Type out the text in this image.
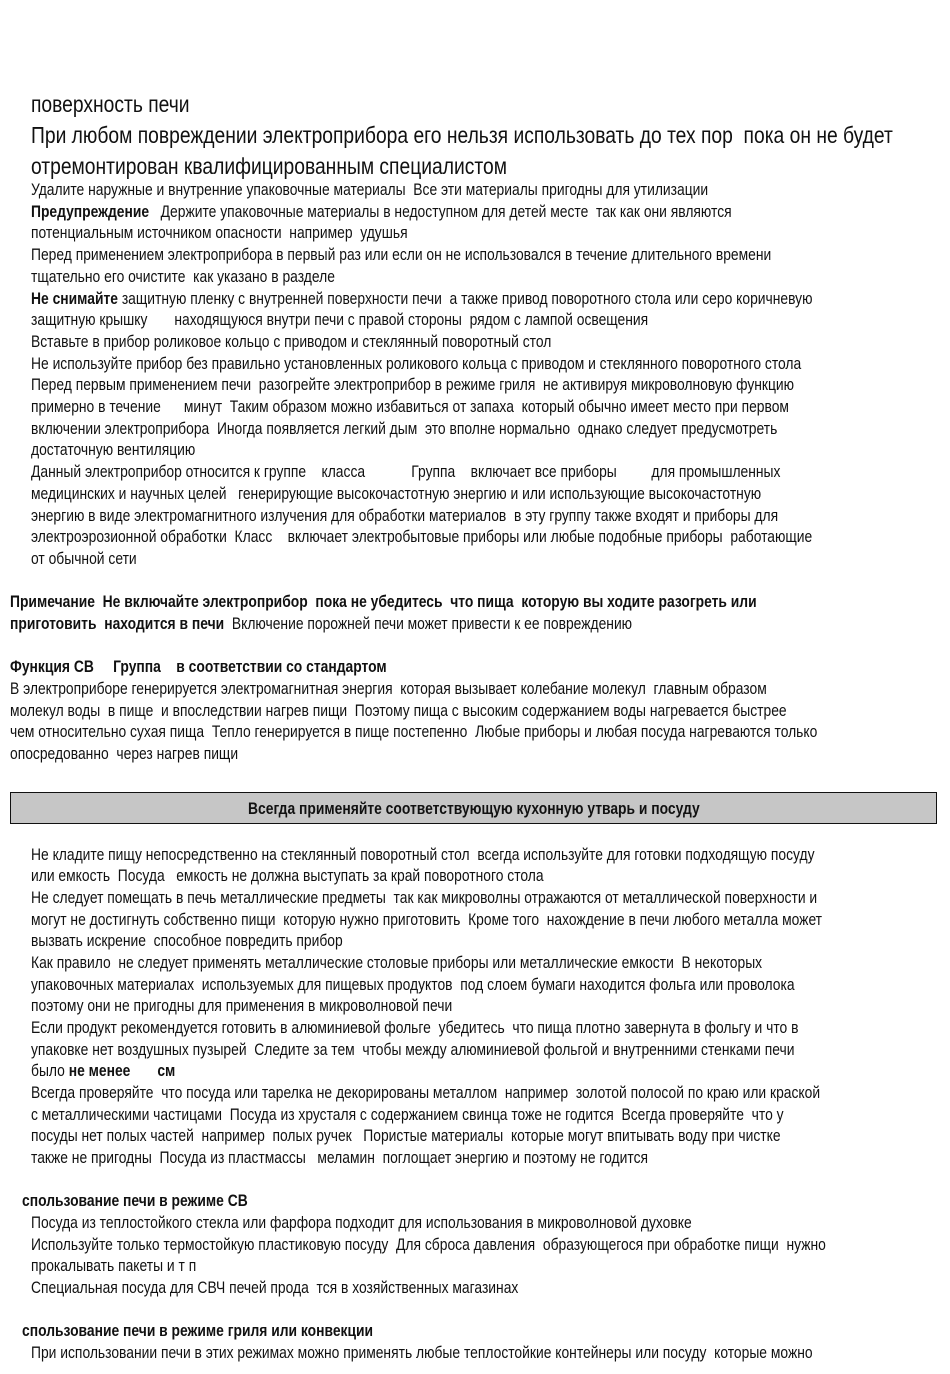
поверхность печи
При любом повреждении электроприбора его нельзя использовать до тех пор  пока он не будет
отремонтирован квалифицированным специалистом
Удалите наружные и внутренние упаковочные материалы  Все эти материалы пригодны для утилизации
Предупреждение   Держите упаковочные материалы в недоступном для детей месте  так как они являются
потенциальным источником опасности  например  удушья
Перед применением электроприбора в первый раз или если он не использовался в течение длительного времени
тщательно его очистите  как указано в разделе
Не снимайте защитную пленку с внутренней поверхности печи  а также привод поворотного стола или серо коричневую
защитную крышку       находящуюся внутри печи с правой стороны  рядом с лампой освещения
Вставьте в прибор роликовое кольцо с приводом и стеклянный поворотный стол
Не используйте прибор без правильно установленных роликового кольца с приводом и стеклянного поворотного стола
Перед первым применением печи  разогрейте электроприбор в режиме гриля  не активируя микроволновую функцию
примерно в течение      минут  Таким образом можно избавиться от запаха  который обычно имеет место при первом
включении электроприбора  Иногда появляется легкий дым  это вполне нормально  однако следует предусмотреть
достаточную вентиляцию
Данный электроприбор относится к группе    класса            Группа    включает все приборы         для промышленных
медицинских и научных целей   генерирующие высокочастотную энергию и или использующие высокочастотную
энергию в виде электромагнитного излучения для обработки материалов  в эту группу также входят и приборы для
электроэрозионной обработки  Класс    включает электробытовые приборы или любые подобные приборы  работающие
от обычной сети
Примечание  Не включайте электроприбор  пока не убедитесь  что пища  которую вы ходите разогреть или
приготовить  находится в печи  Включение порожней печи может привести к ее повреждению
Функция СВ     Группа    в соответствии со стандартом
В электроприборе генерируется электромагнитная энергия  которая вызывает колебание молекул  главным образом
молекул воды  в пище  и впоследствии нагрев пищи  Поэтому пища с высоким содержанием воды нагревается быстрее
чем относительно сухая пища  Тепло генерируется в пище постепенно  Любые приборы и любая посуда нагреваются только
опосредованно  через нагрев пищи
Всегда применяйте соответствующую кухонную утварь и посуду
Не кладите пищу непосредственно на стеклянный поворотный стол  всегда используйте для готовки подходящую посуду
или емкость  Посуда   емкость не должна выступать за край поворотного стола
Не следует помещать в печь металлические предметы  так как микроволны отражаются от металлической поверхности и
могут не достигнуть собственно пищи  которую нужно приготовить  Кроме того  нахождение в печи любого металла может
вызвать искрение  способное повредить прибор
Как правило  не следует применять металлические столовые приборы или металлические емкости  В некоторых
упаковочных материалах  используемых для пищевых продуктов  под слоем бумаги находится фольга или проволока
поэтому они не пригодны для применения в микроволновой печи
Если продукт рекомендуется готовить в алюминиевой фольге  убедитесь  что пища плотно завернута в фольгу и что в
упаковке нет воздушных пузырей  Следите за тем  чтобы между алюминиевой фольгой и внутренними стенками печи
было не менее       см
Всегда проверяйте  что посуда или тарелка не декорированы металлом  например  золотой полосой по краю или краской
с металлическими частицами  Посуда из хрусталя с содержанием свинца тоже не годится  Всегда проверяйте  что у
посуды нет полых частей  например  полых ручек   Пористые материалы  которые могут впитывать воду при чистке
также не пригодны  Посуда из пластмассы   меламин  поглощает энергию и поэтому не годится
спользование печи в режиме СВ
Посуда из теплостойкого стекла или фарфора подходит для использования в микроволновой духовке
Используйте только термостойкую пластиковую посуду  Для сброса давления  образующегося при обработке пищи  нужно
прокалывать пакеты и т п
Специальная посуда для СВЧ печей прода  тся в хозяйственных магазинах
спользование печи в режиме гриля или конвекции
При использовании печи в этих режимах можно применять любые теплостойкие контейнеры или посуду  которые можно
